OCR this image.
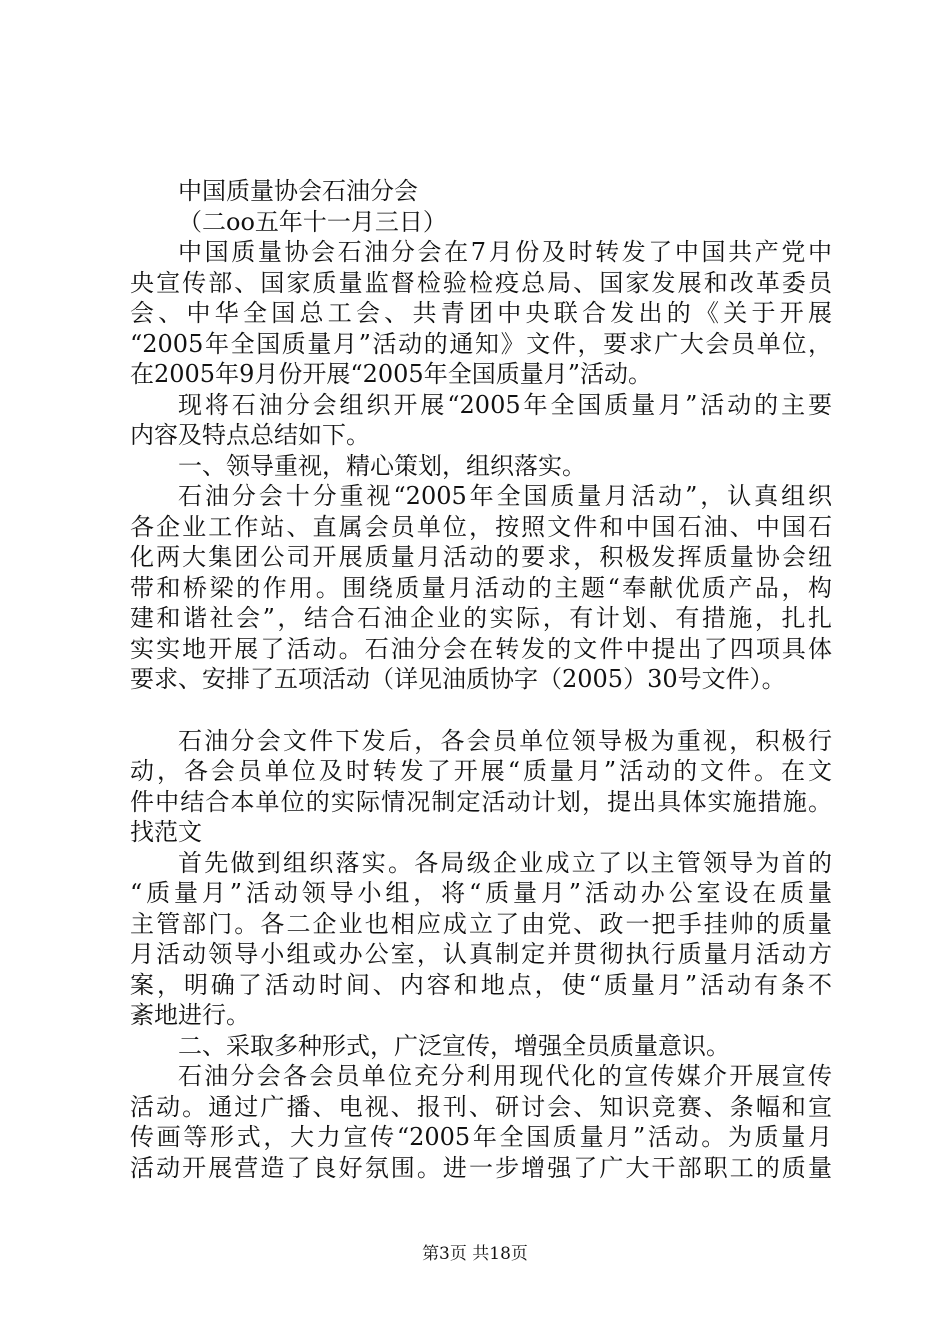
中国质量协会石油分会
（二oo五年十一月三日）
中国质量协会石油分会在7月份及时转发了中国共产党中
央宣传部、国家质量监督检验检疫总局、国家发展和改革委员
会、中华全国总工会、共青团中央联合发出的《关于开展
“2005年全国质量月”活动的通知》文件，要求广大会员单位，
在2005年9月份开展“2005年全国质量月”活动。
现将石油分会组织开展“2005年全国质量月”活动的主要
内容及特点总结如下。
一、领导重视，精心策划，组织落实。
石油分会十分重视“2005年全国质量月活动”，认真组织
各企业工作站、直属会员单位，按照文件和中国石油、中国石
化两大集团公司开展质量月活动的要求，积极发挥质量协会纽
带和桥梁的作用。围绕质量月活动的主题“奉献优质产品，构
建和谐社会”，结合石油企业的实际，有计划、有措施，扎扎
实实地开展了活动。石油分会在转发的文件中提出了四项具体
要求、安排了五项活动（详见油质协字（2005）30号文件）。
石油分会文件下发后，各会员单位领导极为重视，积极行
动，各会员单位及时转发了开展“质量月”活动的文件。在文
件中结合本单位的实际情况制定活动计划，提出具体实施措施。
找范文
首先做到组织落实。各局级企业成立了以主管领导为首的
“质量月”活动领导小组，将“质量月”活动办公室设在质量
主管部门。各二企业也相应成立了由党、政一把手挂帅的质量
月活动领导小组或办公室，认真制定并贯彻执行质量月活动方
案，明确了活动时间、内容和地点，使“质量月”活动有条不
紊地进行。
二、采取多种形式，广泛宣传，增强全员质量意识。
石油分会各会员单位充分利用现代化的宣传媒介开展宣传
活动。通过广播、电视、报刊、研讨会、知识竞赛、条幅和宣
传画等形式，大力宣传“2005年全国质量月”活动。为质量月
活动开展营造了良好氛围。进一步增强了广大干部职工的质量
第3页 共18页
